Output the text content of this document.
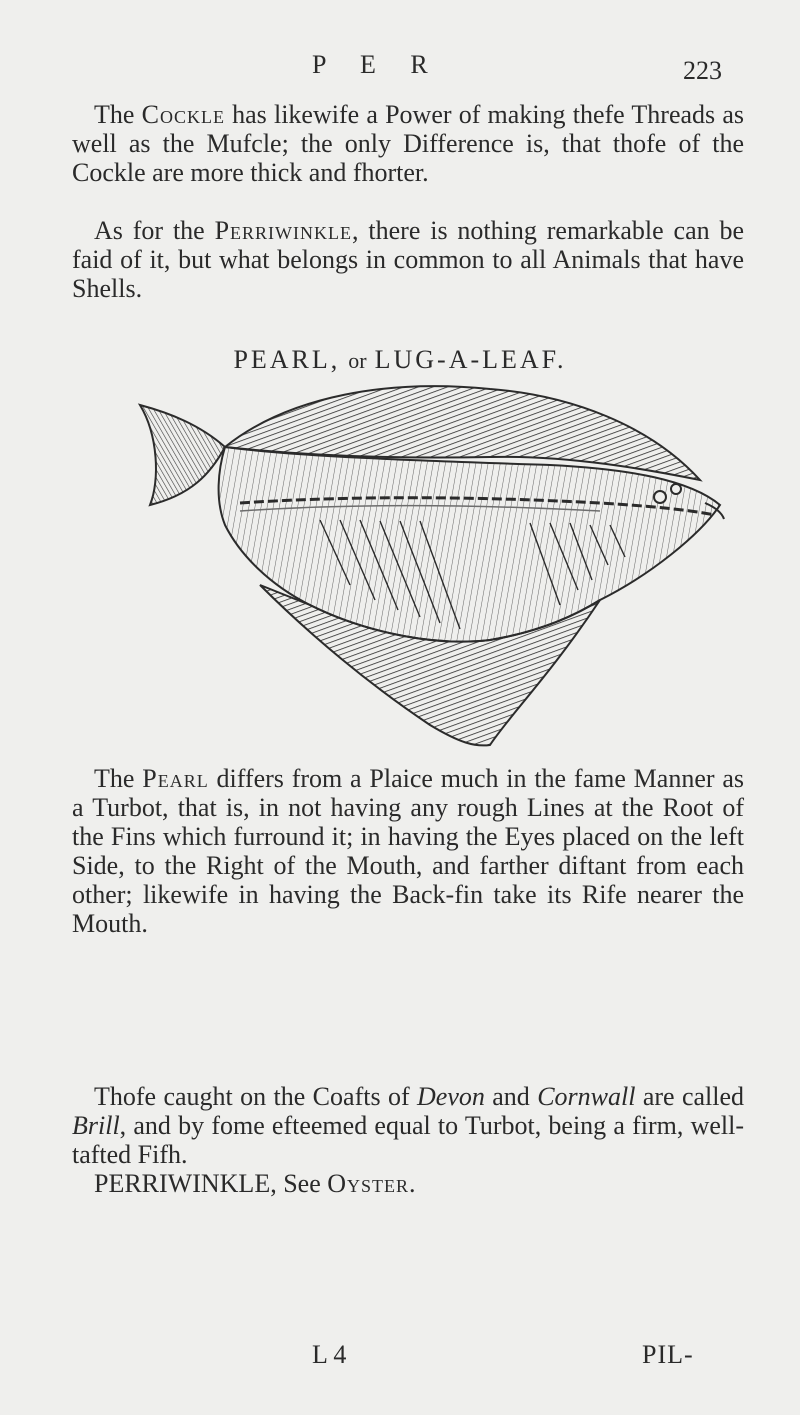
P E R	223

The Cockle has likewife a Power of making thefe Threads as well as the Mufcle; the only Difference is, that thofe of the Cockle are more thick and fhorter.

As for the Perriwinkle, there is nothing remarkable can be faid of it, but what belongs in common to all Animals that have Shells.

PEARL, or LUG-A-LEAF.

The Pearl differs from a Plaice much in the fame Manner as a Turbot, that is, in not having any rough Lines at the Root of the Fins which furround it; in having the Eyes placed on the left Side, to the Right of the Mouth, and farther diftant from each other; likewife in having the Back-fin take its Rife nearer the Mouth.

Thofe caught on the Coafts of Devon and Cornwall are called Brill, and by fome efteemed equal to Turbot, being a firm, well-tafted Fifh.

PERRIWINKLE, See Oyster.

L 4	PIL-
